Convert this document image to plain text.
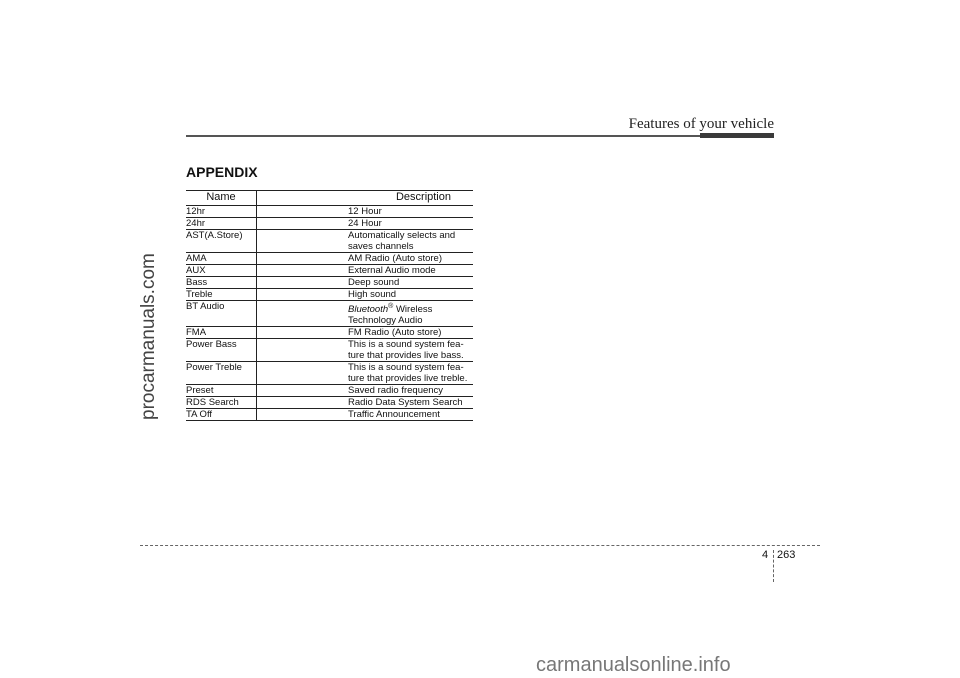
Features of your vehicle
procarmanuals.com
APPENDIX
Name	Description
12hr	12 Hour

24hr	24 Hour

AST(A.Store)	Automatically selects and
saves channels

AMA	AM Radio (Auto store)

AUX	External Audio mode

Bass	Deep sound

Treble	High sound

BT Audio	Bluetooth® Wireless
Technology Audio

FMA	FM Radio (Auto store)

Power Bass	This is a sound system fea-
ture that provides live bass.

Power Treble	This is a sound system fea-
ture that provides live treble.

Preset	Saved radio frequency

RDS Search	Radio Data System Search

TA Off	Traffic Announcement
4 263
carmanualsonline.info
